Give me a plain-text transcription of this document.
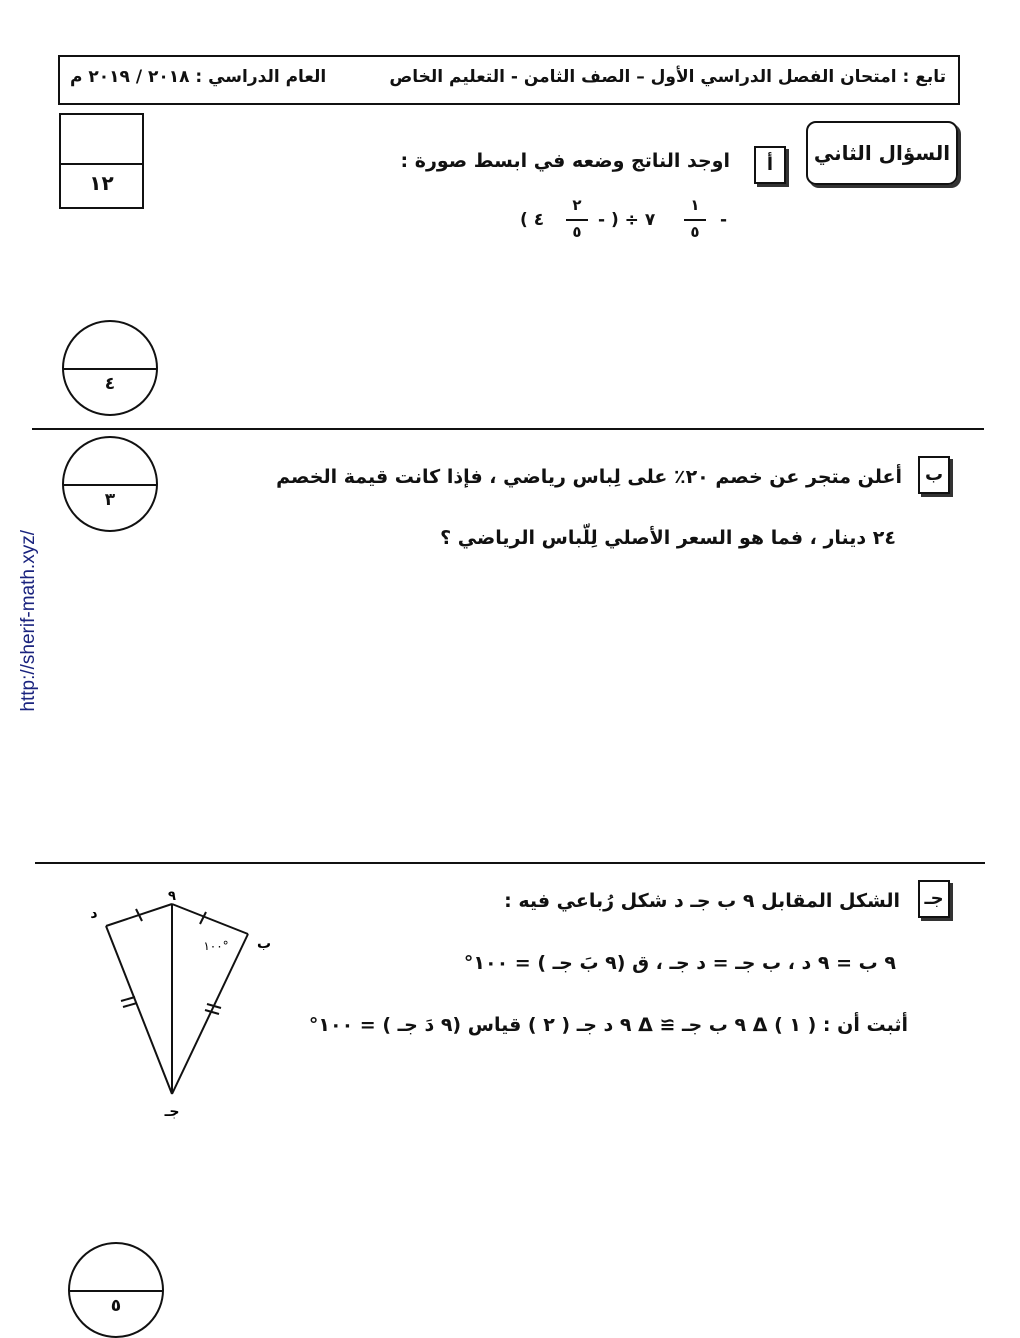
العام الدراسي : ٢٠١٨ / ٢٠١٩ م	تابع : امتحان الفصل الدراسي الأول – الصف الثامن - التعليم الخاص
١٢
السؤال الثاني
أ
اوجد الناتج وضعه في ابسط صورة :
( ٤
٢
٥
- ) ÷ ٧
١
٥
-
٤
٣
ب
أعلن متجر عن خصم ٢٠٪ على لِباس رياضي ، فإذا كانت قيمة الخصم
٢٤ دينار ، فما هو السعر الأصلي لِلّباس الرياضي ؟
http://sherif-math.xyz/
جـ
الشكل المقابل ٩ ب جـ د شكل رُباعي فيه :
٩ ب = ٩ د ، ب جـ = د جـ ، ق (٩ بَ جـ ) = ١٠٠°
أثبت أن : ( ١ ) Δ ٩ ب جـ ≅ Δ ٩ د جـ ( ٢ ) قياس (٩ دَ جـ ) = ١٠٠°
٩
ب
جـ
د
١٠٠°
٥
